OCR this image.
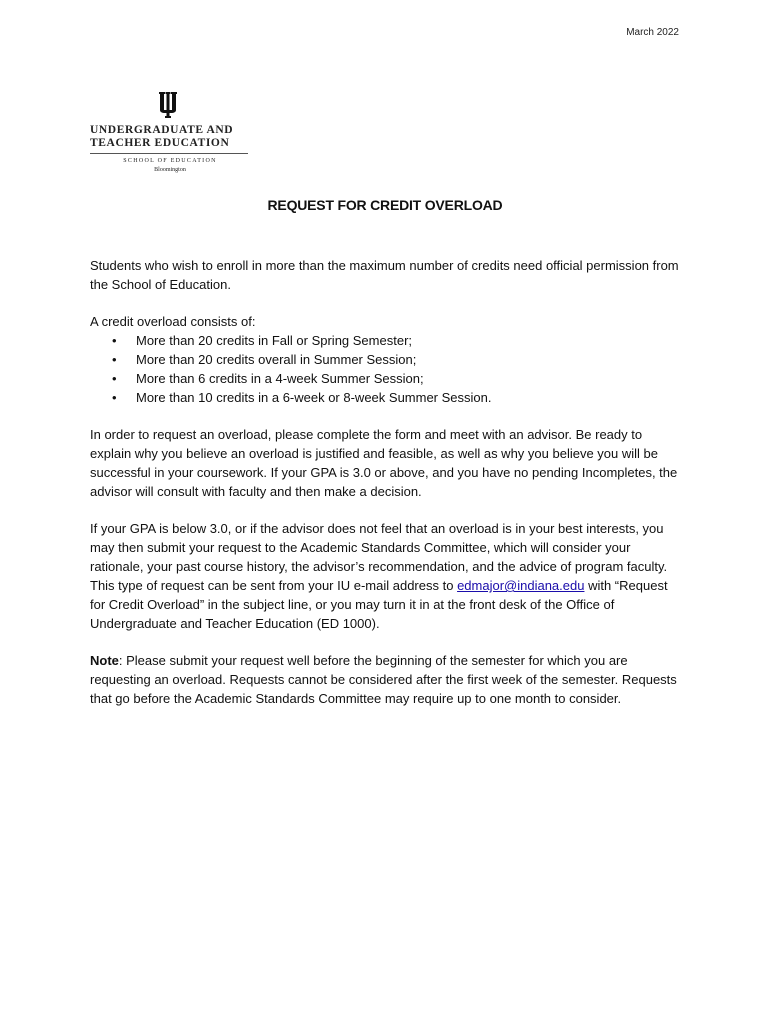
March 2022
UNDERGRADUATE AND
TEACHER EDUCATION
SCHOOL OF EDUCATION
Bloomington
REQUEST FOR CREDIT OVERLOAD

Students who wish to enroll in more than the maximum number of credits need official permission from the School of Education.

A credit overload consists of:
• More than 20 credits in Fall or Spring Semester;
• More than 20 credits overall in Summer Session;
• More than 6 credits in a 4-week Summer Session;
• More than 10 credits in a 6-week or 8-week Summer Session.

In order to request an overload, please complete the form and meet with an advisor. Be ready to explain why you believe an overload is justified and feasible, as well as why you believe you will be successful in your coursework. If your GPA is 3.0 or above, and you have no pending Incompletes, the advisor will consult with faculty and then make a decision.

If your GPA is below 3.0, or if the advisor does not feel that an overload is in your best interests, you may then submit your request to the Academic Standards Committee, which will consider your rationale, your past course history, the advisor’s recommendation, and the advice of program faculty. This type of request can be sent from your IU e-mail address to edmajor@indiana.edu with “Request for Credit Overload” in the subject line, or you may turn it in at the front desk of the Office of Undergraduate and Teacher Education (ED 1000).

Note: Please submit your request well before the beginning of the semester for which you are requesting an overload. Requests cannot be considered after the first week of the semester. Requests that go before the Academic Standards Committee may require up to one month to consider.
